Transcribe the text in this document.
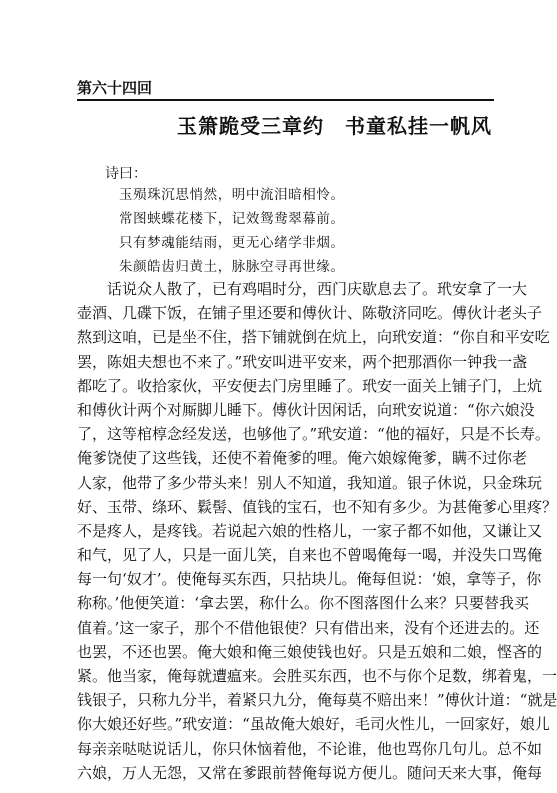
第六十四回
玉箫跪受三章约　书童私挂一帆风
诗曰：
玉殒珠沉思悄然，明中流泪暗相怜。
常图蛱蝶花楼下，记效鸳鸯翠幕前。
只有梦魂能结雨，更无心绪学非烟。
朱颜皓齿归黄土，脉脉空寻再世缘。
　　话说众人散了，已有鸡唱时分，西门庆歇息去了。玳安拿了一大
壶酒、几碟下饭，在铺子里还要和傅伙计、陈敬济同吃。傅伙计老头子
熬到这咱，已是坐不住，搭下铺就倒在炕上，向玳安道：“你自和平安吃
罢，陈姐夫想也不来了。”玳安叫进平安来，两个把那酒你一钟我一盏
都吃了。收拾家伙，平安便去门房里睡了。玳安一面关上铺子门，上炕
和傅伙计两个对厮脚儿睡下。傅伙计因闲话，向玳安说道：“你六娘没
了，这等棺椁念经发送，也够他了。”玳安道：“他的福好，只是不长寿。
俺爹饶使了这些钱，还使不着俺爹的哩。俺六娘嫁俺爹，瞒不过你老
人家，他带了多少带头来！别人不知道，我知道。银子休说，只金珠玩
好、玉带、绦环、鬏髻、值钱的宝石，也不知有多少。为甚俺爹心里疼？
不是疼人，是疼钱。若说起六娘的性格儿，一家子都不如他，又谦让又
和气，见了人，只是一面儿笑，自来也不曾喝俺每一喝，并没失口骂俺
每一句‘奴才’。使俺每买东西，只拈块儿。俺每但说：‘娘，拿等子，你
称称。’他便笑道：‘拿去罢，称什么。你不图落图什么来？只要替我买
值着。’这一家子，那个不借他银使？只有借出来，没有个还进去的。还
也罢，不还也罢。俺大娘和俺三娘使钱也好。只是五娘和二娘，悭吝的
紧。他当家，俺每就遭瘟来。会胜买东西，也不与你个足数，绑着鬼，一
钱银子，只称九分半，着紧只九分，俺每莫不赔出来！”傅伙计道：“就是
你大娘还好些。”玳安道：“虽故俺大娘好，毛司火性儿，一回家好，娘儿
每亲亲哒哒说话儿，你只休恼着他，不论谁，他也骂你几句儿。总不如
六娘，万人无怨，又常在爹跟前替俺每说方便儿。随问天来大事，俺每
